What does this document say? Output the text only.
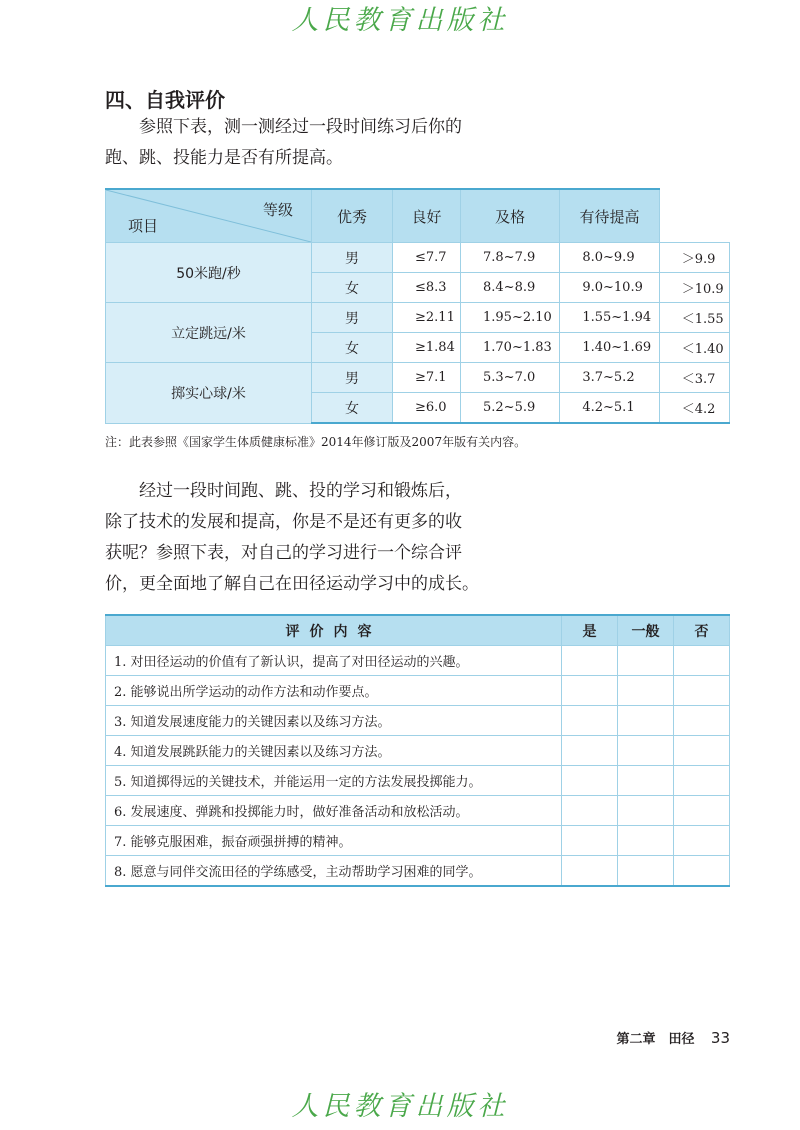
人民教育出版社
四、自我评价

　　参照下表，测一测经过一段时间练习后你的

跑、跳、投能力是否有所提高。

等级
项目	优秀	良好	及格	有待提高	
50米跑/秒	男	≤7.7	7.8~7.9	8.0~9.9	＞9.9
	女	≤8.3	8.4~8.9	9.0~10.9	＞10.9
立定跳远/米	男	≥2.11	1.95~2.10	1.55~1.94	＜1.55
	女	≥1.84	1.70~1.83	1.40~1.69	＜1.40
掷实心球/米	男	≥7.1	5.3~7.0	3.7~5.2	＜3.7
	女	≥6.0	5.2~5.9	4.2~5.1	＜4.2
注：此表参照《国家学生体质健康标准》2014年修订版及2007年版有关内容。

　　经过一段时间跑、跳、投的学习和锻炼后，

除了技术的发展和提高，你是不是还有更多的收

获呢？参照下表，对自己的学习进行一个综合评

价，更全面地了解自己在田径运动学习中的成长。

评价内容	是	一般	否
1. 对田径运动的价值有了新认识，提高了对田径运动的兴趣。			
2. 能够说出所学运动的动作方法和动作要点。			
3. 知道发展速度能力的关键因素以及练习方法。			
4. 知道发展跳跃能力的关键因素以及练习方法。			
5. 知道掷得远的关键技术，并能运用一定的方法发展投掷能力。			
6. 发展速度、弹跳和投掷能力时，做好准备活动和放松活动。			
7. 能够克服困难，振奋顽强拼搏的精神。			
8. 愿意与同伴交流田径的学练感受，主动帮助学习困难的同学。			
第二章　田径 33
人民教育出版社
